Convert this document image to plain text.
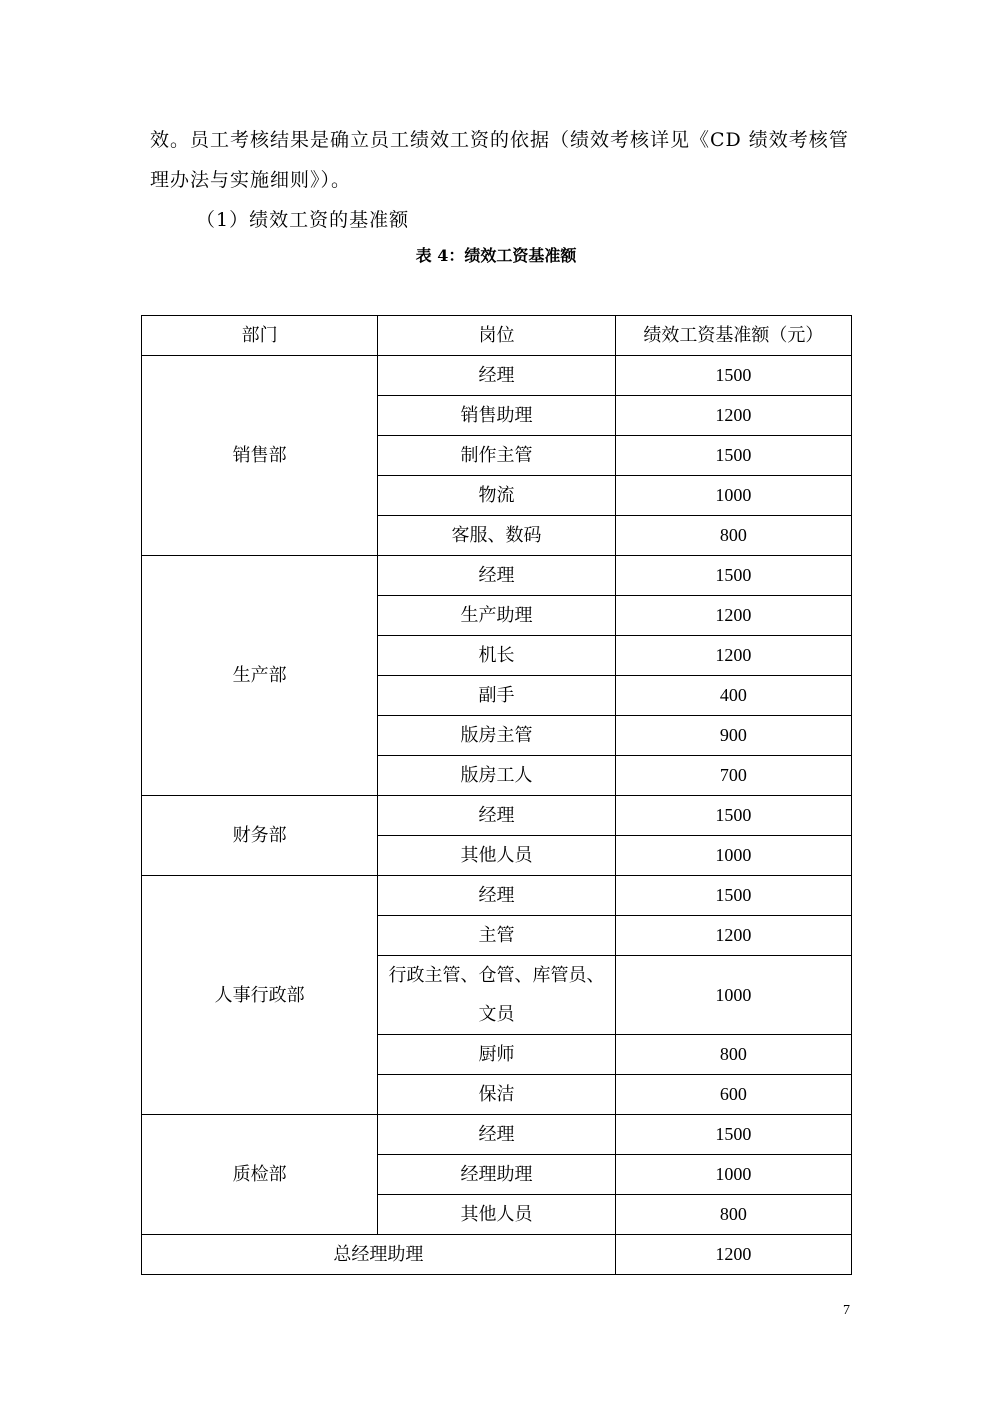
效。员工考核结果是确立员工绩效工资的依据（绩效考核详见《CD 绩效考核管理办法与实施细则》）。

（1）绩效工资的基准额

表 4：绩效工资基准额
部门	岗位	绩效工资基准额（元）
销售部	经理	1500
	销售助理	1200
	制作主管	1500
	物流	1000
	客服、数码	800
生产部	经理	1500
	生产助理	1200
	机长	1200
	副手	400
	版房主管	900
	版房工人	700
财务部	经理	1500
	其他人员	1000
人事行政部	经理	1500
	主管	1200
	行政主管、仓管、库管员、文员	1000
	厨师	800
	保洁	600
质检部	经理	1500
	经理助理	1000
	其他人员	800
总经理助理		1200
7
